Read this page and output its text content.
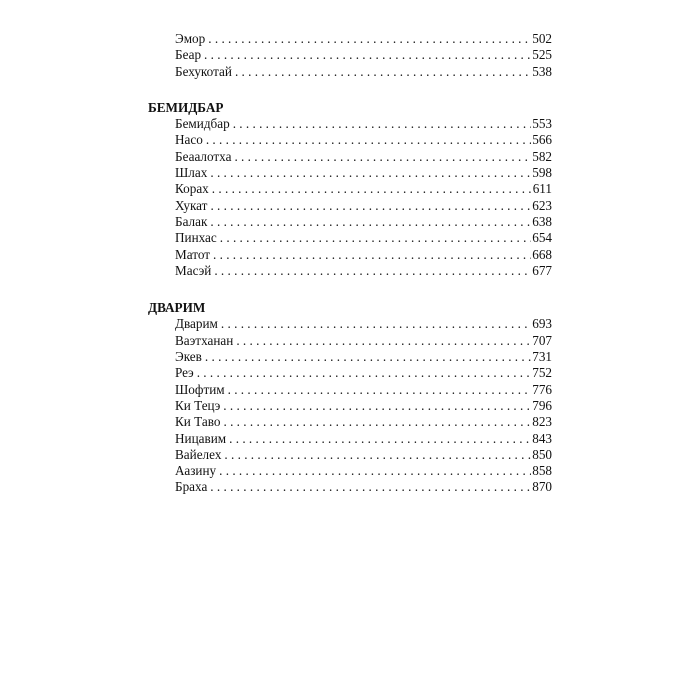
Эмор . . .	502
Беар . . .	525
Бехукотай . . .	538
БЕМИДБАР
Бемидбар . . .	553
Насо . . .	566
Беаалотха . . .	582
Шлах . . .	598
Корах . . .	611
Хукат . . .	623
Балак . . .	638
Пинхас . . .	654
Матот . . .	668
Масэй . . .	677
ДВАРИМ
Дварим . . .	693
Ваэтханан . . .	707
Экев . . .	731
Реэ . . .	752
Шофтим . . .	776
Ки Тецэ . . .	796
Ки Таво . . .	823
Ницавим . . .	843
Вайелех . . .	850
Аазину . . .	858
Браха . . .	870
